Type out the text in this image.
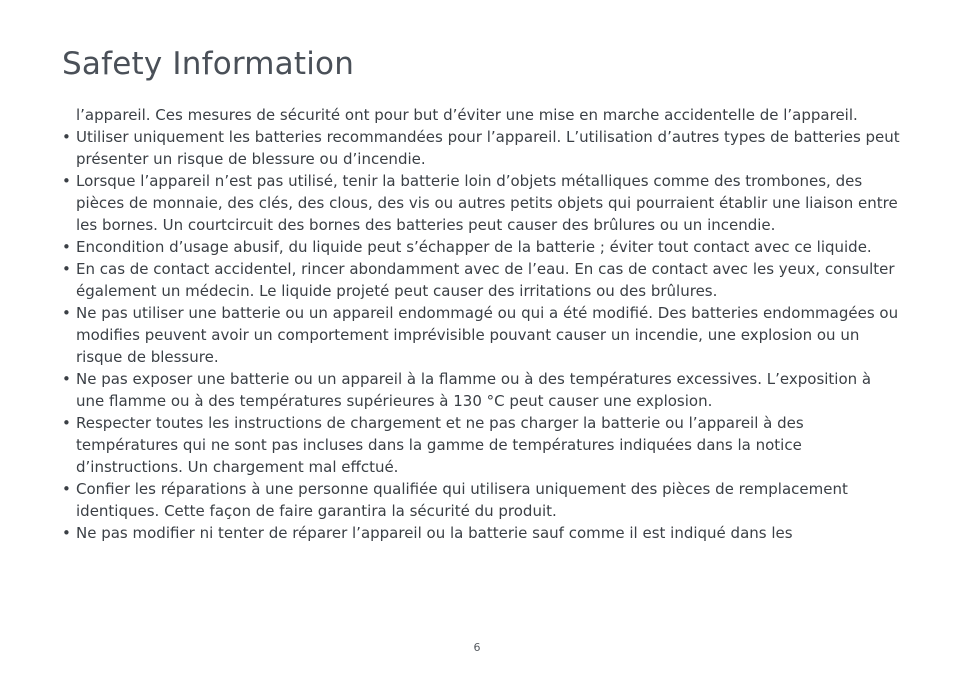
Safety Information

l’appareil. Ces mesures de sécurité ont pour but d’éviter une mise en marche accidentelle de l’appareil.

• Utiliser uniquement les batteries recommandées pour l’appareil. L’utilisation d’autres types de batteries peut présenter un risque de blessure ou d’incendie.
• Lorsque l’appareil n’est pas utilisé, tenir la batterie loin d’objets métalliques comme des trombones, des pièces de monnaie, des clés, des clous, des vis ou autres petits objets qui pourraient établir une liaison entre les bornes. Un courtcircuit des bornes des batteries peut causer des brûlures ou un incendie.
• Encondition d’usage abusif, du liquide peut s’échapper de la batterie ; éviter tout contact avec ce liquide.
• En cas de contact accidentel, rincer abondamment avec de l’eau. En cas de contact avec les yeux, consulter également un médecin. Le liquide projeté peut causer des irritations ou des brûlures.
• Ne pas utiliser une batterie ou un appareil endommagé ou qui a été modifié. Des batteries endommagées ou modifies peuvent avoir un comportement imprévisible pouvant causer un incendie, une explosion ou un risque de blessure.
• Ne pas exposer une batterie ou un appareil à la flamme ou à des températures excessives. L’exposition à une flamme ou à des températures supérieures à 130 °C peut causer une explosion.
• Respecter toutes les instructions de chargement et ne pas charger la batterie ou l’appareil à des températures qui ne sont pas incluses dans la gamme de températures indiquées dans la notice d’instructions. Un chargement mal effctué.
• Confier les réparations à une personne qualifiée qui utilisera uniquement des pièces de remplacement identiques. Cette façon de faire garantira la sécurité du produit.
• Ne pas modifier ni tenter de réparer l’appareil ou la batterie sauf comme il est indiqué dans les
6
